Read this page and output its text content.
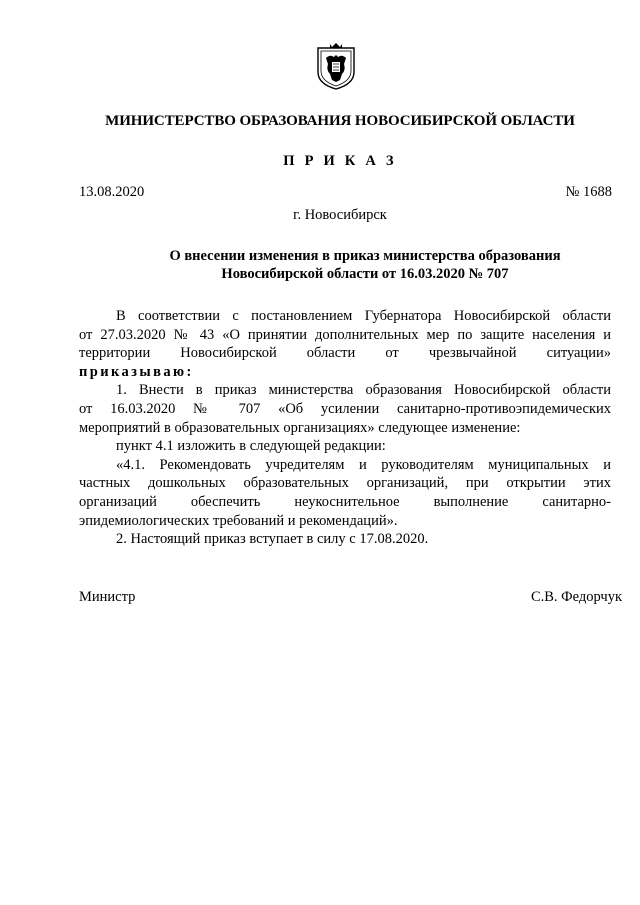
МИНИСТЕРСТВО ОБРАЗОВАНИЯ НОВОСИБИРСКОЙ ОБЛАСТИ
П Р И К А З
13.08.2020	№ 1688
г. Новосибирск
О внесении изменения в приказ министерства образования
Новосибирской области от 16.03.2020 № 707

В соответствии с постановлением Губернатора Новосибирской области

от 27.03.2020 № 43 «О принятии дополнительных мер по защите населения и

территории Новосибирской области от чрезвычайной ситуации»

приказываю:

1. Внести в приказ министерства образования Новосибирской области

от 16.03.2020 № 707 «Об усилении санитарно-противоэпидемических

мероприятий в образовательных организациях» следующее изменение:

пункт 4.1 изложить в следующей редакции:

«4.1. Рекомендовать учредителям и руководителям муниципальных и

частных дошкольных образовательных организаций, при открытии этих

организаций обеспечить неукоснительное выполнение санитарно-

эпидемиологических требований и рекомендаций».

2. Настоящий приказ вступает в силу с 17.08.2020.

Министр	С.В. Федорчук
